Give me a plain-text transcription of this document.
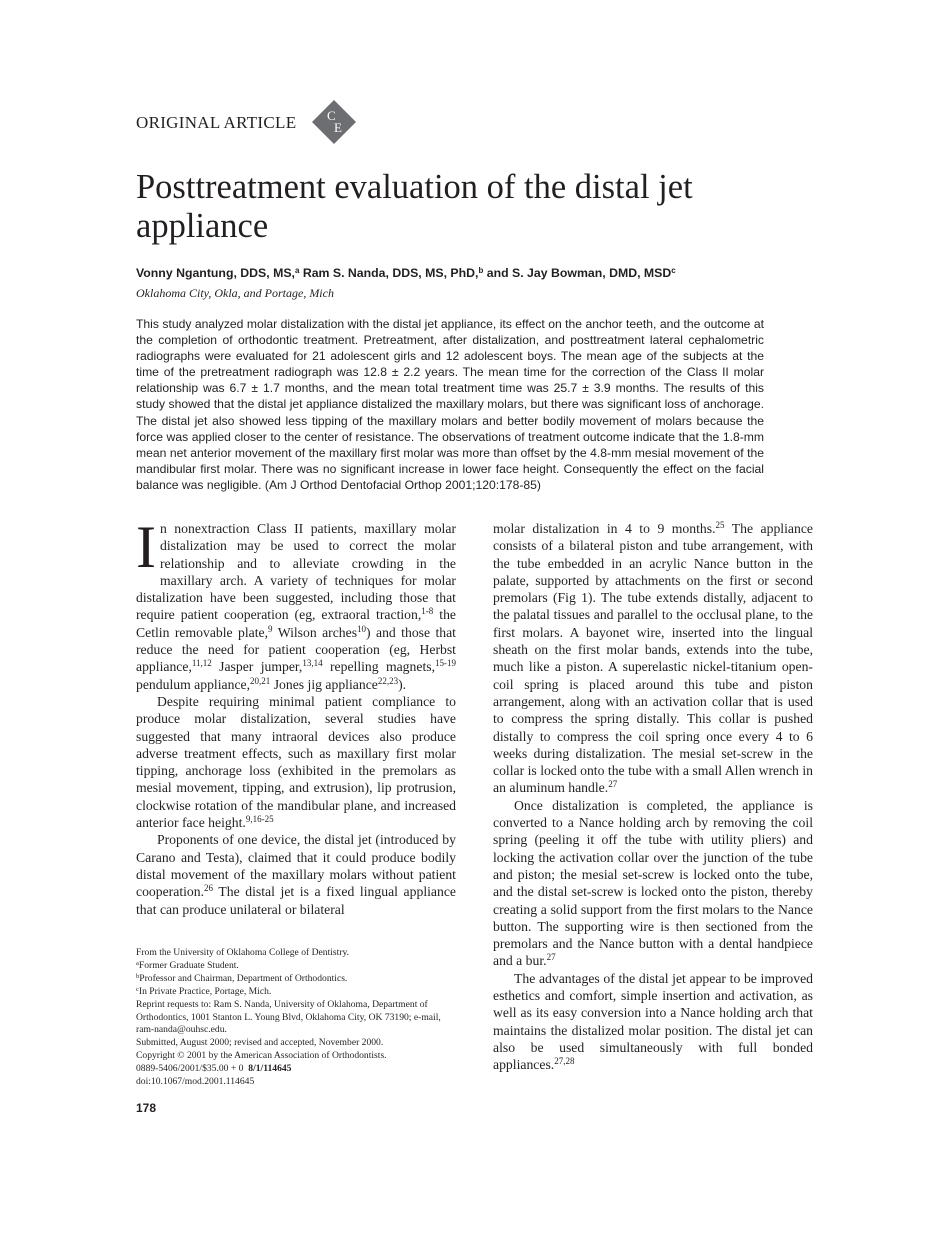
ORIGINAL ARTICLE C
E
Posttreatment evaluation of the distal jet appliance
Vonny Ngantung, DDS, MS,$^a$ Ram S. Nanda, DDS, MS, PhD,$^b$ and S. Jay Bowman, DMD, MSD$^c$
Oklahoma City, Okla, and Portage, Mich

This study analyzed molar distalization with the distal jet appliance, its effect on the anchor teeth, and the outcome at the completion of orthodontic treatment. Pretreatment, after distalization, and posttreatment lateral cephalometric radiographs were evaluated for 21 adolescent girls and 12 adolescent boys. The mean age of the subjects at the time of the pretreatment radiograph was 12.8 ± 2.2 years. The mean time for the correction of the Class II molar relationship was 6.7 ± 1.7 months, and the mean total treatment time was 25.7 ± 3.9 months. The results of this study showed that the distal jet appliance distalized the maxillary molars, but there was significant loss of anchorage. The distal jet also showed less tipping of the maxillary molars and better bodily movement of molars because the force was applied closer to the center of resistance. The observations of treatment outcome indicate that the 1.8-mm mean net anterior movement of the maxillary first molar was more than offset by the 4.8-mm mesial movement of the mandibular first molar. There was no significant increase in lower face height. Consequently the effect on the facial balance was negligible. (Am J Orthod Dentofacial Orthop 2001;120:178-85)

In nonextraction Class II patients, maxillary molar distalization may be used to correct the molar relationship and to alleviate crowding in the maxillary arch. A variety of techniques for molar distalization have been suggested, including those that require patient cooperation (eg, extraoral traction,$^{1-8}$ the Cetlin removable plate,$^9$ Wilson arches$^{10}$) and those that reduce the need for patient cooperation (eg, Herbst appliance,$^{11,12}$ Jasper jumper,$^{13,14}$ repelling magnets,$^{15-19}$ pendulum appliance,$^{20,21}$ Jones jig appliance$^{22,23}$).

Despite requiring minimal patient compliance to produce molar distalization, several studies have suggested that many intraoral devices also produce adverse treatment effects, such as maxillary first molar tipping, anchorage loss (exhibited in the premolars as mesial movement, tipping, and extrusion), lip protrusion, clockwise rotation of the mandibular plane, and increased anterior face height.$^{9,16-25}$

Proponents of one device, the distal jet (introduced by Carano and Testa), claimed that it could produce bodily distal movement of the maxillary molars without patient cooperation.$^{26}$ The distal jet is a fixed lingual appliance that can produce unilateral or bilateral

molar distalization in 4 to 9 months.$^{25}$ The appliance consists of a bilateral piston and tube arrangement, with the tube embedded in an acrylic Nance button in the palate, supported by attachments on the first or second premolars (Fig 1). The tube extends distally, adjacent to the palatal tissues and parallel to the occlusal plane, to the first molars. A bayonet wire, inserted into the lingual sheath on the first molar bands, extends into the tube, much like a piston. A superelastic nickel-titanium open-coil spring is placed around this tube and piston arrangement, along with an activation collar that is used to compress the spring distally. This collar is pushed distally to compress the coil spring once every 4 to 6 weeks during distalization. The mesial set-screw in the collar is locked onto the tube with a small Allen wrench in an aluminum handle.$^{27}$

Once distalization is completed, the appliance is converted to a Nance holding arch by removing the coil spring (peeling it off the tube with utility pliers) and locking the activation collar over the junction of the tube and piston; the mesial set-screw is locked onto the tube, and the distal set-screw is locked onto the piston, thereby creating a solid support from the first molars to the Nance button. The supporting wire is then sectioned from the premolars and the Nance button with a dental handpiece and a bur.$^{27}$

The advantages of the distal jet appear to be improved esthetics and comfort, simple insertion and activation, as well as its easy conversion into a Nance holding arch that maintains the distalized molar position. The distal jet can also be used simultaneously with full bonded appliances.$^{27,28}$

From the University of Oklahoma College of Dentistry.
$^a$Former Graduate Student.
$^b$Professor and Chairman, Department of Orthodontics.
$^c$In Private Practice, Portage, Mich.
Reprint requests to: Ram S. Nanda, University of Oklahoma, Department of Orthodontics, 1001 Stanton L. Young Blvd, Oklahoma City, OK 73190; e-mail, ram-nanda@ouhsc.edu.
Submitted, August 2000; revised and accepted, November 2000.
Copyright © 2001 by the American Association of Orthodontists.
0889-5406/2001/$35.00 + 0 8/1/114645
doi:10.1067/mod.2001.114645
178
